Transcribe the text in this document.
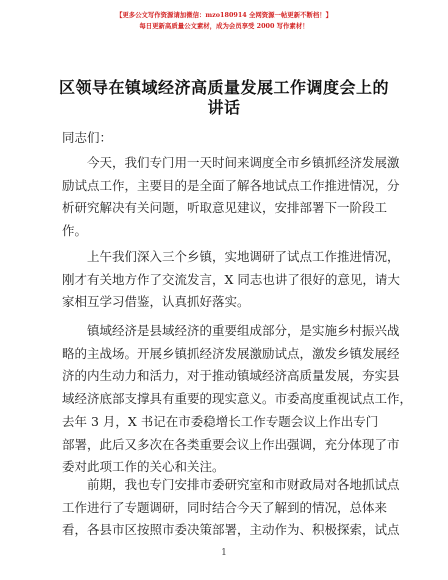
【更多公文写作资源请加微信：mzo180914 全网资源一帖更新不断档！】
每日更新高质量公文素材，成为会员享受 2000 写作素材！
区领导在镇域经济高质量发展工作调度会上的
讲话
同志们：
今天，我们专门用一天时间来调度全市乡镇抓经济发展激
励试点工作，主要目的是全面了解各地试点工作推进情况，分
析研究解决有关问题，听取意见建议，安排部署下一阶段工
作。
上午我们深入三个乡镇，实地调研了试点工作推进情况，
刚才有关地方作了交流发言，X 同志也讲了很好的意见，请大
家相互学习借鉴，认真抓好落实。
镇域经济是县域经济的重要组成部分，是实施乡村振兴战
略的主战场。开展乡镇抓经济发展激励试点，激发乡镇发展经
济的内生动力和活力，对于推动镇域经济高质量发展，夯实县
域经济底部支撑具有重要的现实意义。市委高度重视试点工作，
去年 3 月，X 书记在市委稳增长工作专题会议上作出专门
部署，此后又多次在各类重要会议上作出强调，充分体现了市
委对此项工作的关心和关注。
前期，我也专门安排市委研究室和市财政局对各地抓试点
工作进行了专题调研，同时结合今天了解到的情况，总体来
看，各县市区按照市委决策部署，主动作为、积极探索，试点
1
